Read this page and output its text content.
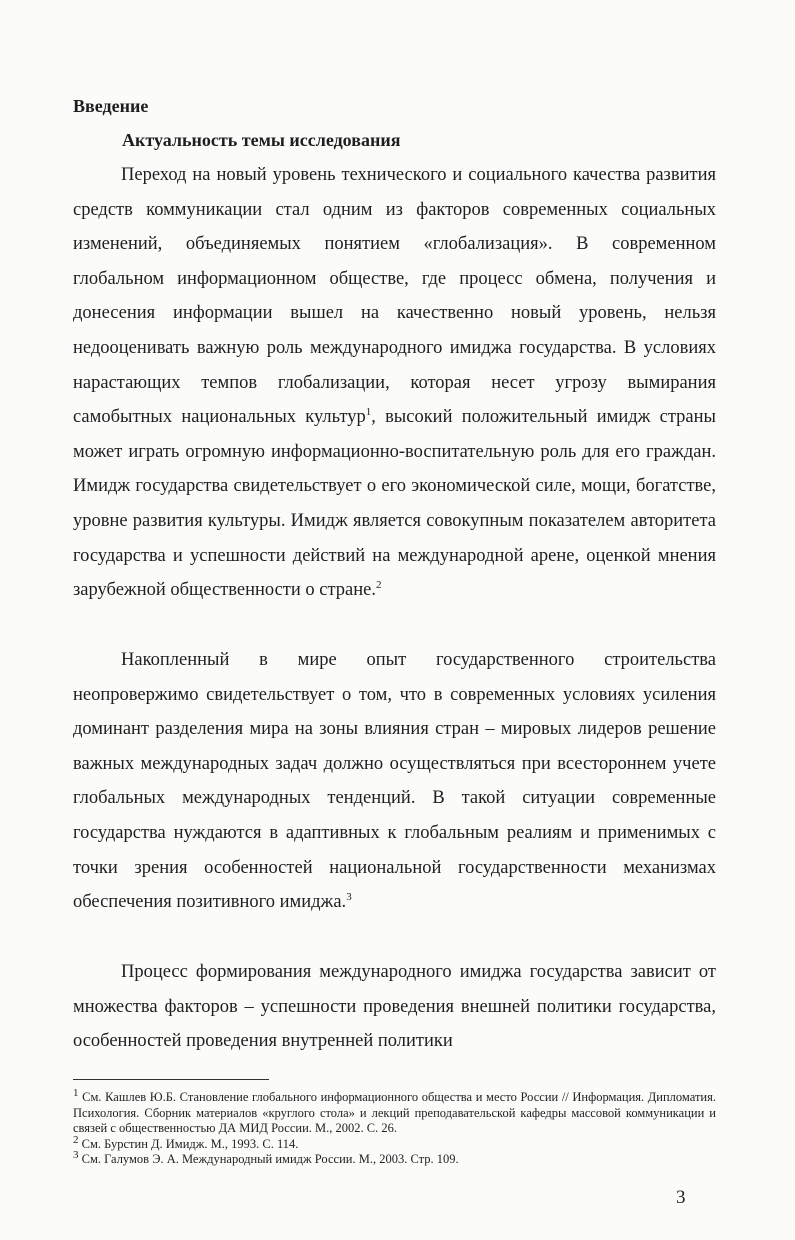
Введение
Актуальность темы исследования

Переход на новый уровень технического и социального качества развития средств коммуникации стал одним из факторов современных социальных изменений, объединяемых понятием «глобализация». В современном глобальном информационном обществе, где процесс обмена, получения и донесения информации вышел на качественно новый уровень, нельзя недооценивать важную роль международного имиджа государства. В условиях нарастающих темпов глобализации, которая несет угрозу вымирания самобытных национальных культур$^1$, высокий положительный имидж страны может играть огромную информационно-воспитательную роль для его граждан. Имидж государства свидетельствует о его экономической силе, мощи, богатстве, уровне развития культуры. Имидж является совокупным показателем авторитета государства и успешности действий на международной арене, оценкой мнения зарубежной общественности о стране.$^2$

Накопленный в мире опыт государственного строительства неопровержимо свидетельствует о том, что в современных условиях усиления доминант разделения мира на зоны влияния стран – мировых лидеров решение важных международных задач должно осуществляться при всестороннем учете глобальных международных тенденций. В такой ситуации современные государства нуждаются в адаптивных к глобальным реалиям и применимых с точки зрения особенностей национальной государственности механизмах обеспечения позитивного имиджа.$^3$

Процесс формирования международного имиджа государства зависит от множества факторов – успешности проведения внешней политики государства, особенностей проведения внутренней политики

$^1$ См. Кашлев Ю.Б. Становление глобального информационного общества и место России // Информация. Дипломатия. Психология. Сборник материалов «круглого стола» и лекций преподавательской кафедры массовой коммуникации и связей с общественностью ДА МИД России. М., 2002. С. 26.

$^2$ См. Бурстин Д. Имидж. М., 1993. С. 114.

$^3$ См. Галумов Э. А. Международный имидж России. М., 2003. Стр. 109.

3
